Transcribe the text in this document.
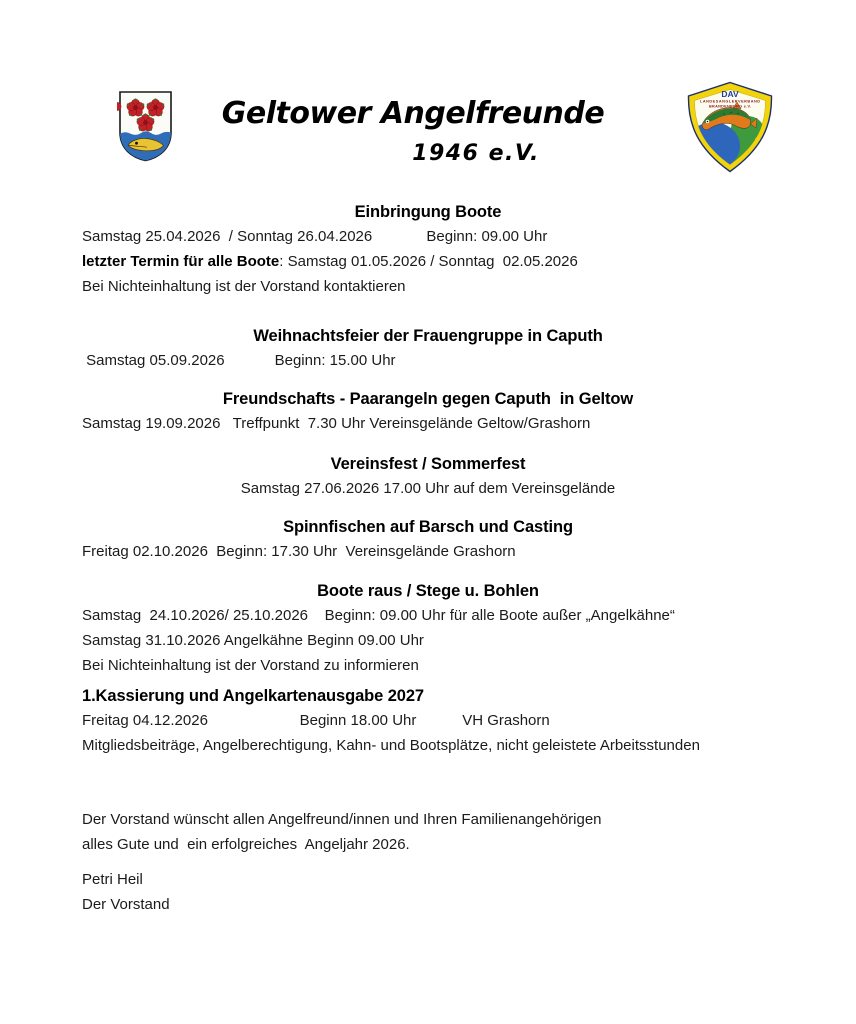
Geltower Angelfreunde
1946 e.V.
DAV
LANDESANGLERVERBAND
BRANDENBURG e.V.
Einbringung Boote
Samstag 25.04.2026  / Sonntag 26.04.2026             Beginn: 09.00 Uhr
letzter Termin für alle Boote: Samstag 01.05.2026 / Sonntag  02.05.2026
Bei Nichteinhaltung ist der Vorstand kontaktieren
Weihnachtsfeier der Frauengruppe in Caputh
Samstag 05.09.2026            Beginn: 15.00 Uhr
Freundschafts - Paarangeln gegen Caputh  in Geltow
Samstag 19.09.2026   Treffpunkt  7.30 Uhr Vereinsgelände Geltow/Grashorn
Vereinsfest / Sommerfest
Samstag 27.06.2026 17.00 Uhr auf dem Vereinsgelände
Spinnfischen auf Barsch und Casting
Freitag 02.10.2026  Beginn: 17.30 Uhr  Vereinsgelände Grashorn
Boote raus / Stege u. Bohlen
Samstag  24.10.2026/ 25.10.2026    Beginn: 09.00 Uhr für alle Boote außer „Angelkähne“
Samstag 31.10.2026 Angelkähne Beginn 09.00 Uhr
Bei Nichteinhaltung ist der Vorstand zu informieren
1.Kassierung und Angelkartenausgabe 2027
Freitag 04.12.2026                      Beginn 18.00 Uhr           VH Grashorn
Mitgliedsbeiträge, Angelberechtigung, Kahn- und Bootsplätze, nicht geleistete Arbeitsstunden
Der Vorstand wünscht allen Angelfreund/innen und Ihren Familienangehörigen
alles Gute und  ein erfolgreiches  Angeljahr 2026.
Petri Heil
Der Vorstand
